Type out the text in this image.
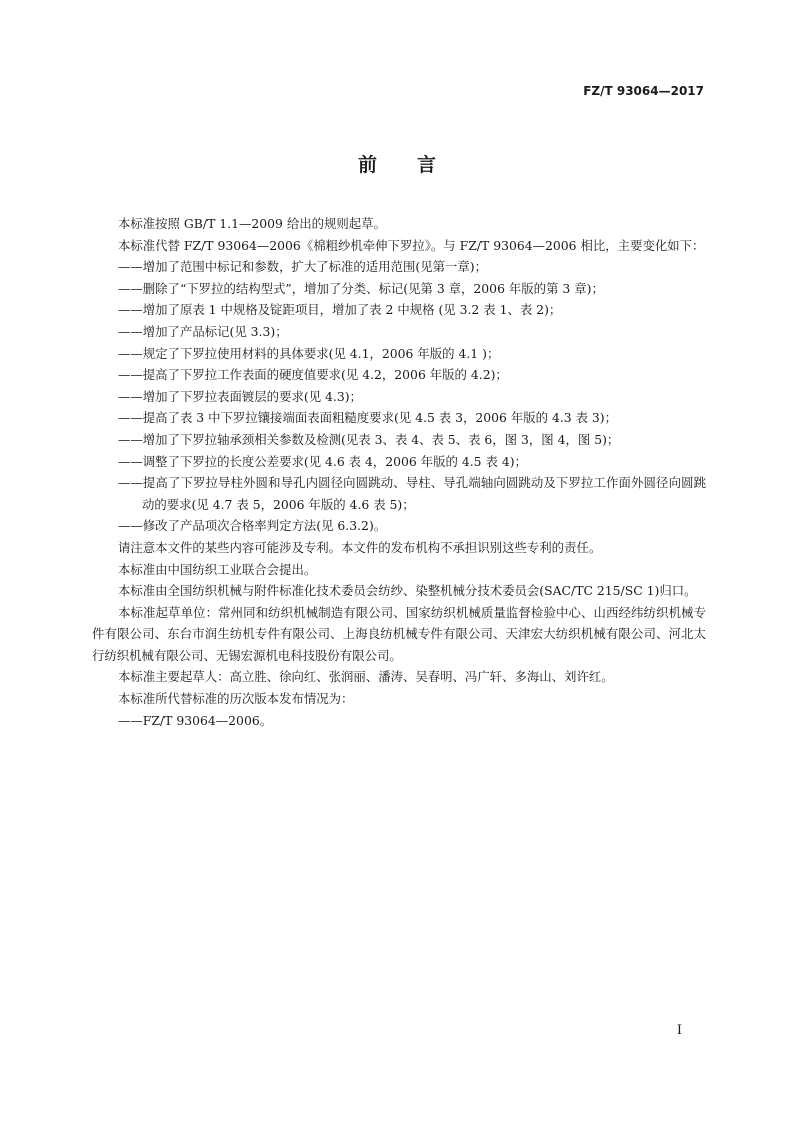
FZ/T 93064—2017
前言

本标准按照 GB/T 1.1—2009 给出的规则起草。

本标准代替 FZ/T 93064—2006《棉粗纱机牵伸下罗拉》。与 FZ/T 93064—2006 相比，主要变化如下：

——增加了范围中标记和参数，扩大了标准的适用范围(见第一章)；

——删除了“下罗拉的结构型式”，增加了分类、标记(见第 3 章，2006 年版的第 3 章)；

——增加了原表 1 中规格及锭距项目，增加了表 2 中规格 (见 3.2 表 1、表 2)；

——增加了产品标记(见 3.3)；

——规定了下罗拉使用材料的具体要求(见 4.1，2006 年版的 4.1 )；

——提高了下罗拉工作表面的硬度值要求(见 4.2，2006 年版的 4.2)；

——增加了下罗拉表面镀层的要求(见 4.3)；

——提高了表 3 中下罗拉镶接端面表面粗糙度要求(见 4.5 表 3，2006 年版的 4.3 表 3)；

——增加了下罗拉轴承颈相关参数及检测(见表 3、表 4、表 5、表 6，图 3，图 4，图 5)；

——调整了下罗拉的长度公差要求(见 4.6 表 4，2006 年版的 4.5 表 4)；

——提高了下罗拉导柱外圆和导孔内圆径向圆跳动、导柱、导孔端轴向圆跳动及下罗拉工作面外圆径向圆跳动的要求(见 4.7 表 5，2006 年版的 4.6 表 5)；

——修改了产品项次合格率判定方法(见 6.3.2)。

请注意本文件的某些内容可能涉及专利。本文件的发布机构不承担识别这些专利的责任。

本标准由中国纺织工业联合会提出。

本标准由全国纺织机械与附件标准化技术委员会纺纱、染整机械分技术委员会(SAC/TC 215/SC 1)归口。

本标准起草单位：常州同和纺织机械制造有限公司、国家纺织机械质量监督检验中心、山西经纬纺织机械专件有限公司、东台市润生纺机专件有限公司、上海良纺机械专件有限公司、天津宏大纺织机械有限公司、河北太行纺织机械有限公司、无锡宏源机电科技股份有限公司。

本标准主要起草人：高立胜、徐向红、张润丽、潘涛、吴春明、冯广轩、多海山、刘许红。

本标准所代替标准的历次版本发布情况为：

——FZ/T 93064—2006。

I
